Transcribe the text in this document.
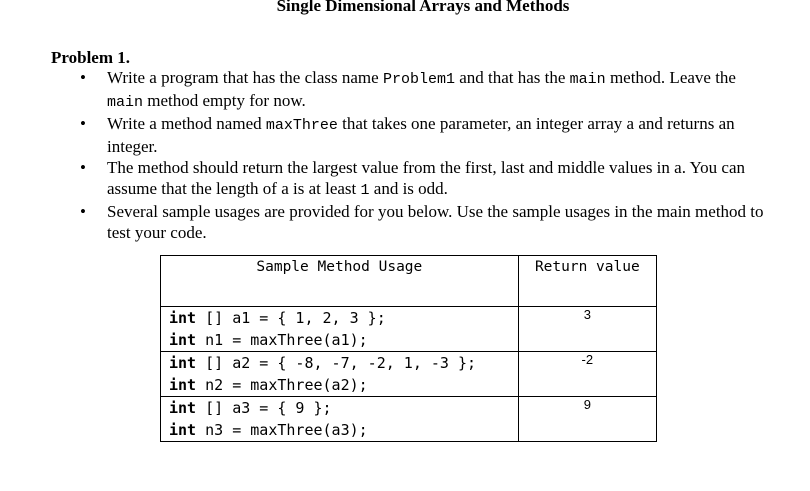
Single Dimensional Arrays and Methods
Problem 1.
• Write a program that has the class name Problem1 and that has the main method. Leave the main method empty for now.
• Write a method named maxThree that takes one parameter, an integer array a and returns an integer.
• The method should return the largest value from the first, last and middle values in a. You can assume that the length of a is at least 1 and is odd.
• Several sample usages are provided for you below. Use the sample usages in the main method to test your code.
Sample Method Usage	Return value

int [] a1 = { 1, 2, 3 };
int n1 = maxThree(a1);	3

int [] a2 = { -8, -7, -2, 1, -3 };
int n2 = maxThree(a2);	-2

int [] a3 = { 9 };
int n3 = maxThree(a3);	9
